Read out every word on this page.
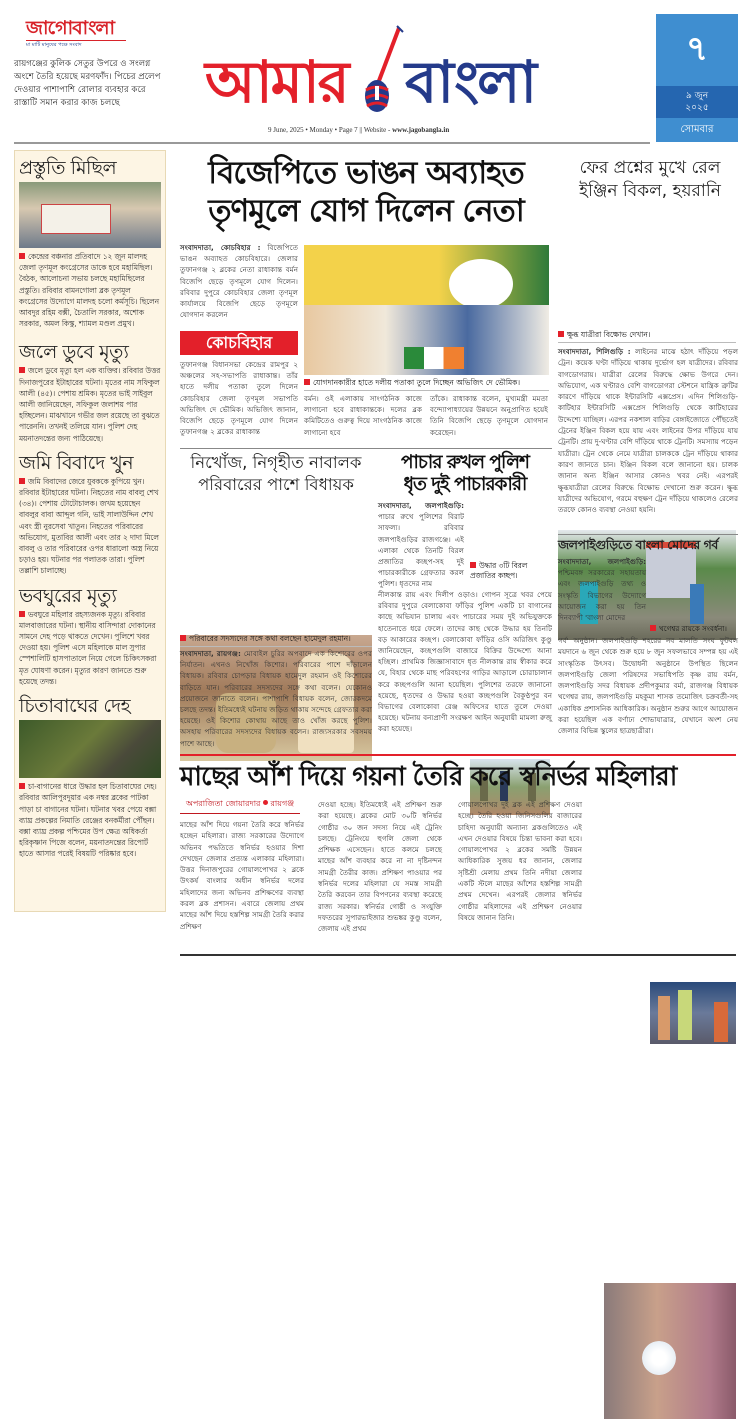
জাগোবাংলা
মা মাটি মানুষের পক্ষে সংবাদ
রায়গঞ্জের কুলিক সেতুর উপরে ও সংলগ্ন অংশে তৈরি হয়েছে মরণফাঁদ। পিচের প্রলেপ দেওয়ার পাশাপাশি রোলার ব্যবহার করে রাস্তাটি সমান করার কাজ চলছে	আমার বাংলা
9 June, 2025 • Monday • Page 7 || Website - www.jagobangla.in
৭
৯ জুন
২০২৫
সোমবার
প্রস্তুতি মিছিল
কেন্দ্রের বঞ্চনার প্রতিবাদে ১২ জুন মালদহ জেলা তৃণমূল কংগ্রেসের ডাকে হবে মহামিছিল। বৈঠক, আলোচনা সভায় চলছে মহামিছিলের প্রস্তুতি। রবিবার বামনগোলা ব্লক তৃণমূল কংগ্রেসের উদ্যোগে মালদহ চলো কর্মসূচি। ছিলেন আবদুর রহিম বক্সী, চৈতালি সরকার, অশোক সরকার, অমল কিস্কু, শ্যামল মণ্ডল প্রমুখ।
জলে ডুবে মৃত্যু
জলে ডুবে মৃত্যু হল এক ব্যক্তির। রবিবার উত্তর দিনাজপুরের ইটাহারের ঘটনা। মৃতের নাম সফিকুল আলী (৪৫)। পেশায় শ্রমিক। মৃতের ভাই সাইবুল আলী জানিয়েছেন, সফিকুল জলাশয় পার হচ্ছিলেন। মাঝখানে গভীর জল রয়েছে তা বুঝতে পারেননি। তখনই তলিয়ে যান। পুলিশ দেহ ময়নাতদন্তের জন্য পাঠিয়েছে।
জমি বিবাদে খুন
জমি বিবাদের জেরে যুবককে কুপিয়ে খুন। রবিবার ইটাহারের ঘটনা। নিহতের নাম বাবলু শেখ (৩৪)। পেশায় টোটোচালক। জখম হয়েছেন বাবলুর বাবা আব্দুল গনি, ভাই সালাউদ্দিন শেখ এবং স্ত্রী নুরসেবা খাতুন। নিহতের পরিবারের অভিযোগ, মুতাবির আলী এবং তার ২ দাদা মিলে বাবলু ও তার পরিবারের ওপর ধারালো অস্ত্র নিয়ে চড়াও হয়। ঘটনার পর পলাতক তারা। পুলিশ তল্লাশি চালাচ্ছে।
ভবঘুরের মৃত্যু
ভবঘুরে মহিলার রহস্যজনক মৃত্যু। রবিবার মালবাজারের ঘটনা। স্থানীয় বাসিন্দারা দোকানের সামনে দেহ পড়ে থাকতে দেখেন। পুলিশে খবর দেওয়া হয়। পুলিশ এসে মহিলাকে মাল সুপার স্পেশালিটি হাসপাতালে নিয়ে গেলে চিকিৎসকরা মৃত ঘোষণা করেন। মৃত্যুর কারণ জানতে শুরু হয়েছে তদন্ত।
চিতাবাঘের দেহ
চা-বাগানের ধারে উদ্ধার হল চিতাবাঘের দেহ। রবিবার আলিপুরদুয়ার এক নম্বর ব্লকের পাটকা পাড়া চা বাগানের ঘটনা। ঘটনার খবর পেয়ে বক্সা ব্যাঘ্র প্রকল্পের নিমাতি রেঞ্জের বনকর্মীরা পৌঁছন। বক্সা ব্যাঘ্র প্রকল্প পশ্চিমের উপ ক্ষেত্র অধিকর্তা হরিকৃষ্ণান পিজে বলেন, ময়নাতদন্তের রিপোর্ট হাতে আসার পরেই বিষয়টি পরিষ্কার হবে।
বিজেপিতে ভাঙন অব্যাহত
তৃণমূলে যোগ দিলেন নেতা
সংবাদদাতা, কোচবিহার : বিজেপিতে ভাঙন অব্যাহত কোচবিহারে। জেলার তুফানগঞ্জ ২ ব্লকের নেতা রাধাকান্ত বর্মন বিজেপি ছেড়ে তৃণমূলে যোগ দিলেন। রবিবার দুপুরে কোচবিহার জেলা তৃণমূল কার্যালয়ে বিজেপি ছেড়ে তৃণমূলে যোগদান করলেন
কোচবিহার
তুফানগঞ্জ বিধানসভা কেন্দ্রের রামপুর ২ অঞ্চলের সহ-সভাপতি রাধাকান্ত। তাঁর হাতে দলীয় পতাকা তুলে দিলেন কোচবিহার জেলা তৃণমূল সভাপতি অভিজিৎ দে ভৌমিক। অভিজিৎ জানান, বিজেপি ছেড়ে তৃণমূলে যোগ দিলেন তুফানগঞ্জ ২ ব্লকের রাধাকান্ত
যোগদানকারীর হাতে দলীয় পতাকা তুলে দিচ্ছেন অভিজিৎ দে ভৌমিক।
বর্মন। ওই এলাকায় সাংগঠনিক কাজে লাগানো হবে রাধাকান্তকে। দলের ব্লক কমিটিতেও গুরুত্ব দিয়ে সাংগঠনিক কাজে লাগানো হবে
তাঁকে। রাধাকান্ত বলেন, মুখ্যমন্ত্রী মমতা বন্দ্যোপাধ্যায়ের উন্নয়নে অনুপ্রাণিত হয়েই তিনি বিজেপি ছেড়ে তৃণমূলে যোগদান করেছেন।
নিখোঁজ, নিগৃহীত নাবালক
পরিবারের পাশে বিধায়ক
পরিবারের সদস্যদের সঙ্গে কথা বলছেন হামেদুল রহমান।
সংবাদদাতা, রায়গঞ্জ: মোবাইল চুরির অপবাদে এক কিশোরের ওপর নির্যাতন। এখনও নিখোঁজ কিশোর। পরিবারের পাশে দাঁড়ালেন বিধায়ক। রবিবার চোপড়ার বিধায়ক হামেদুল রহমান ওই কিশোরের বাড়িতে যান। পরিবারের সদস্যদের সঙ্গে কথা বলেন। যেকোনও প্রয়োজনে জানাতে বলেন। পাশাপাশি বিধায়ক বলেন, জোরকদমে চলছে তদন্ত। ইতিমধ্যেই ঘটনায় জড়িত থাকায় সন্দেহে গ্রেফতার করা হয়েছে। ওই কিশোর কোথায় আছে তাও খোঁজ করছে পুলিশ। অসহায় পরিবারের সদস্যদের বিধায়ক বলেন। রাজ্যসরকার সবসময় পাশে আছে।
পাচার রুখল পুলিশ
ধৃত দুই পাচারকারী
সংবাদদাতা, জলপাইগুড়ি: পাচার রুখে পুলিশের বিরাট সাফল্য। রবিবার জলপাইগুড়ির রাজগঞ্জে। এই এলাকা থেকে তিনটি বিরল প্রজাতির কচ্ছপ-সহ দুই পাচারকারীকে গ্রেফতার করল পুলিশ। ধৃতদের নাম
উদ্ধার ৩টি বিরল প্রজাতির কচ্ছপ।
নীলকান্ত রায় এবং দিলীপ ওড়াও। গোপন সূত্রে খবর পেয়ে রবিবার দুপুরে বেলাকোবা ফাঁড়ির পুলিশ একটি চা বাগানের কাছে অভিযান চালায় এবং পাচারের সময় দুই অভিযুক্তকে হাতেনাতে ধরে ফেলে। তাদের কাছ থেকে উদ্ধার হয় তিনটি বড় আকারের কচ্ছপ। বেলাকোবা ফাঁড়ির ওসি অরিজিৎ কুণ্ডু জানিয়েছেন, কচ্ছপগুলি বাজারে বিক্রির উদ্দেশ্যে আনা হচ্ছিল। প্রাথমিক জিজ্ঞাসাবাদে ধৃত নীলকান্ত রায় স্বীকার করে যে, বিহার থেকে মাছ পরিবহণের গাড়ির আড়ালে চোরাচালান করে কচ্ছপগুলি আনা হয়েছিল। পুলিশের তরফে জানানো হয়েছে, ধৃতদের ও উদ্ধার হওয়া কচ্ছপগুলি বৈকুণ্ঠপুর বন বিভাগের বেলাকোবা রেঞ্জ অফিসের হাতে তুলে দেওয়া হয়েছে। ঘটনায় বন্যপ্রাণী সংরক্ষণ আইন অনুযায়ী মামলা রুজু করা হয়েছে।
ফের প্রশ্নের মুখে রেল
ইঞ্জিন বিকল, হয়রানি
ক্ষুব্ধ যাত্রীরা বিক্ষোভ দেখান।
সংবাদদাতা, শিলিগুড়ি : লাইনের মাঝে হঠাৎ দাঁড়িয়ে পড়ল ট্রেন। কয়েক ঘণ্টা দাঁড়িয়ে থাকায় দুর্ভোগ হল যাত্রীদের। রবিবার বাগডোগরায়। যাত্রীরা রেলের বিরুদ্ধে ক্ষোভ উগরে দেন। অভিযোগ, এক ঘণ্টারও বেশি বাগডোগরা স্টেশনে যান্ত্রিক ত্রুটির কারণে দাঁড়িয়ে থাকে ইন্টারসিটি এক্সপ্রেস। এদিন শিলিগুড়ি-কাটিহার ইন্টারসিটি এক্সপ্রেস শিলিগুড়ি থেকে কাটিহারের উদ্দেশ্যে যাচ্ছিল। এরপর নকশাল বাড়ির বেঙ্গাইজোতে পৌঁছতেই ট্রেনের ইঞ্জিন বিকল হয়ে যায় এবং লাইনের উপর দাঁড়িয়ে যায় ট্রেনটি। প্রায় দু-ঘণ্টার বেশি দাঁড়িয়ে থাকে ট্রেনটি। সমস্যায় পড়েন যাত্রীরা। ট্রেন থেকে নেমে যাত্রীরা চালককে ট্রেন দাঁড়িয়ে থাকার কারণ জানতে চান। ইঞ্জিন বিকল বলে জানানো হয়। চালক জানান অন্য ইঞ্জিন আসার কোনও খবর নেই। এরপরই ক্ষুব্ধযাত্রীরা রেলের বিরুদ্ধে বিক্ষোভ দেখানো শুরু করেন। ক্ষুব্ধ যাত্রীদের অভিযোগ, গরমে বহুক্ষণ ট্রেন দাঁড়িয়ে থাকলেও রেলের তরফে কোনও ব্যবস্থা নেওয়া হয়নি।
জলপাইগুড়িতে বাংলা মোদের গর্ব
সংবাদদাতা, জলপাইগুড়ি: পশ্চিমবঙ্গ সরকারের সহায়তায় এবং জলপাইগুড়ি তথ্য ও সংস্কৃতি বিভাগের উদ্যোগে আয়োজন করা হয় তিন দিনব্যাপী 'বাংলা মোদের
খগেশ্বর রায়কে সংবর্ধনা।
গর্ব' অনুষ্ঠান। জলপাইগুড়ি শহরের নব মালতি সংঘ ফুটবল ময়দানে ৬ জুন থেকে শুরু হয়ে ৮ জুন সফলভাবে সম্পন্ন হয় এই সাংস্কৃতিক উৎসব। উদ্বোধনী অনুষ্ঠানে উপস্থিত ছিলেন জলপাইগুড়ি জেলা পরিষদের সভাধিপতি কৃষ্ণ রায় বর্মন, জলপাইগুড়ি সদর বিধায়ক প্রদীপকুমার বর্মা, রাজগঞ্জ বিধায়ক খগেশ্বর রায়, জলপাইগুড়ি মহকুমা শাসক তমোজিৎ চক্রবর্তী-সহ একাধিক প্রশাসনিক আধিকারিক। অনুষ্ঠান শুরুর আগে আয়োজন করা হয়েছিল এক বর্ণাঢ্য শোভাযাত্রার, যেখানে অংশ নেয় জেলার বিভিন্ন স্কুলের ছাত্রছাত্রীরা।
মাছের আঁশ দিয়ে গয়না তৈরি করে স্বনির্ভর মহিলারা
অপরাজিতা জোয়ারদার রায়গঞ্জ
মাছের আঁশ দিয়ে গয়না তৈরি করে স্বনির্ভর হচ্ছেন মহিলারা। রাজ্য সরকারের উদ্যোগে অভিনব পদ্ধতিতে স্বনির্ভর হওয়ার দিশা দেখছেন জেলার প্রত্যন্ত এলাকার মহিলারা। উত্তর দিনাজপুরের গোয়ালপোখর ২ ব্লকে উৎকর্ষ বাংলার অধীন স্বনির্ভর দলের মহিলাদের জন্য অভিনব প্রশিক্ষণের ব্যবস্থা করল ব্লক প্রশাসন। এবারে জেলায় প্রথম মাছের আঁশ দিয়ে হস্তশিল্প সামগ্রী তৈরি করার প্রশিক্ষণ
দেওয়া হচ্ছে। ইতিমধ্যেই এই প্রশিক্ষণ শুরু করা হয়েছে। ব্লকের মোট ৩০টি স্বনির্ভর গোষ্ঠীর ৩০ জন সদস্য নিয়ে এই ট্রেনিং চলছে। ট্রেনিংয়ে হুগলি জেলা থেকে প্রশিক্ষক এসেছেন। হাতে কলমে চলছে মাছের আঁশ ব্যবহার করে না না দৃষ্টিনন্দন সামগ্রী তৈরীর কাজ। প্রশিক্ষণ পাওয়ার পর স্বনির্ভর দলের মহিলারা যে সমস্ত সামগ্রী তৈরি করবেন তার বিপণনের ব্যবস্থা করেছে রাজ্য সরকার। স্বনির্ভর গোষ্ঠী ও সংযুক্তি দফতরের সুপারভাইজার শুভঙ্কর কুণ্ডু বলেন, জেলায় এই প্রথম
গোয়ালপোখর দুই ব্লক এই প্রশিক্ষণ দেওয়া হচ্ছে। তৈরি হওয়া জিনিসগুলির বাজারের চাহিদা অনুযায়ী অন্যান্য ব্লকগুলিতেও এই এখন দেওয়ার বিষয়ে চিন্তা ভাবনা করা হবে। গোয়ালপোখর ২ ব্লকের সমষ্টি উন্নয়ন আধিকারিক সুজয় ধর জানান, জেলার সৃষ্টিশ্রী মেলায় প্রথম তিনি নদীয়া জেলার একটি স্টলে মাছের আঁশের হস্তশিল্প সামগ্রী প্রথম দেখেন। এরপরই জেলার স্বনির্ভর গোষ্ঠীর মহিলাদের এই প্রশিক্ষণ নেওয়ার বিষয়ে জানান তিনি।
